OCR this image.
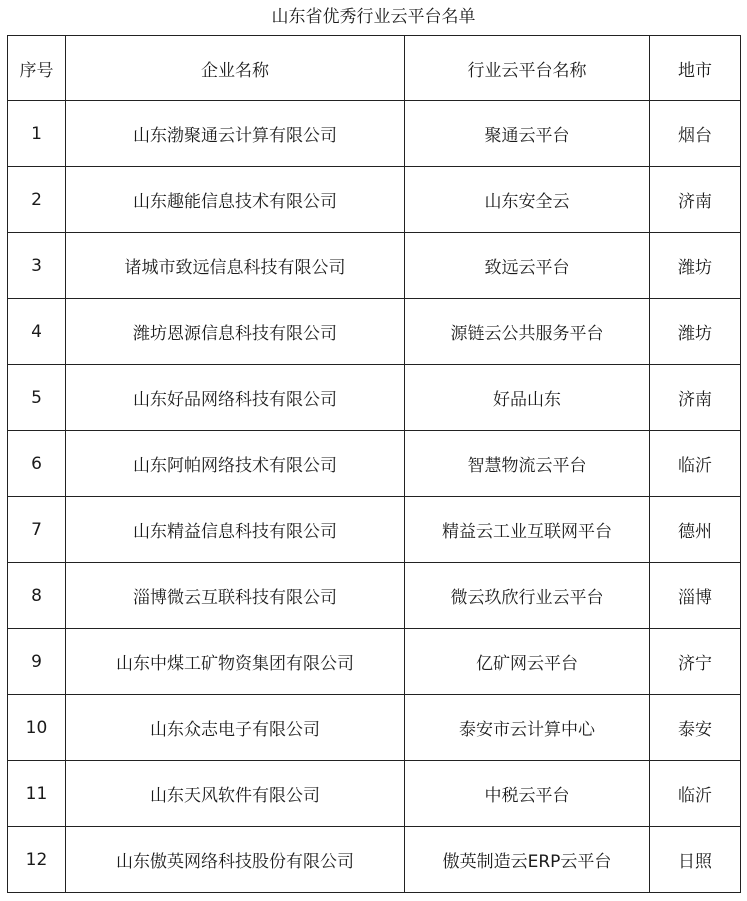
山东省优秀行业云平台名单
序号	企业名称	行业云平台名称	地市
1	山东渤聚通云计算有限公司	聚通云平台	烟台
2	山东趣能信息技术有限公司	山东安全云	济南
3	诸城市致远信息科技有限公司	致远云平台	潍坊
4	潍坊恩源信息科技有限公司	源链云公共服务平台	潍坊
5	山东好品网络科技有限公司	好品山东	济南
6	山东阿帕网络技术有限公司	智慧物流云平台	临沂
7	山东精益信息科技有限公司	精益云工业互联网平台	德州
8	淄博微云互联科技有限公司	微云玖欣行业云平台	淄博
9	山东中煤工矿物资集团有限公司	亿矿网云平台	济宁
10	山东众志电子有限公司	泰安市云计算中心	泰安
11	山东天风软件有限公司	中税云平台	临沂
12	山东傲英网络科技股份有限公司	傲英制造云ERP云平台	日照
